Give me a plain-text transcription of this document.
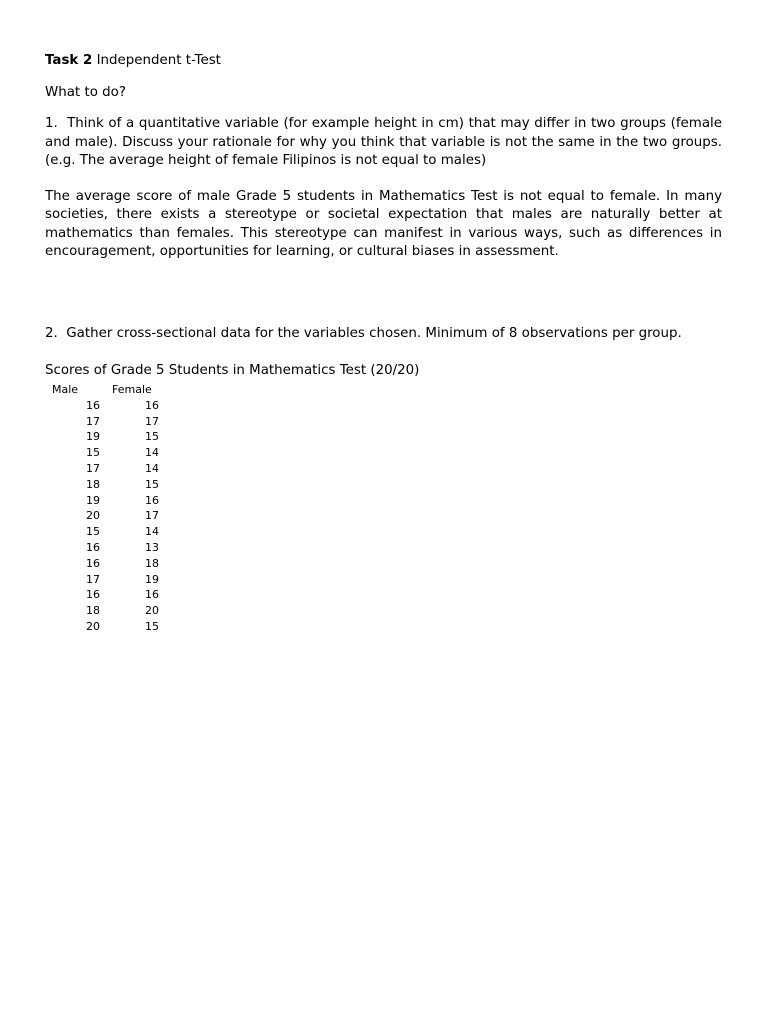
Task 2 Independent t-Test

What to do?

1. Think of a quantitative variable (for example height in cm) that may differ in two groups (female and male). Discuss your rationale for why you think that variable is not the same in the two groups. (e.g. The average height of female Filipinos is not equal to males)

The average score of male Grade 5 students in Mathematics Test is not equal to female. In many societies, there exists a stereotype or societal expectation that males are naturally better at mathematics than females. This stereotype can manifest in various ways, such as differences in encouragement, opportunities for learning, or cultural biases in assessment.

2. Gather cross-sectional data for the variables chosen. Minimum of 8 observations per group.

Scores of Grade 5 Students in Mathematics Test (20/20)

Male	Female
16	16
17	17
19	15
15	14
17	14
18	15
19	16
20	17
15	14
16	13
16	18
17	19
16	16
18	20
20	15
